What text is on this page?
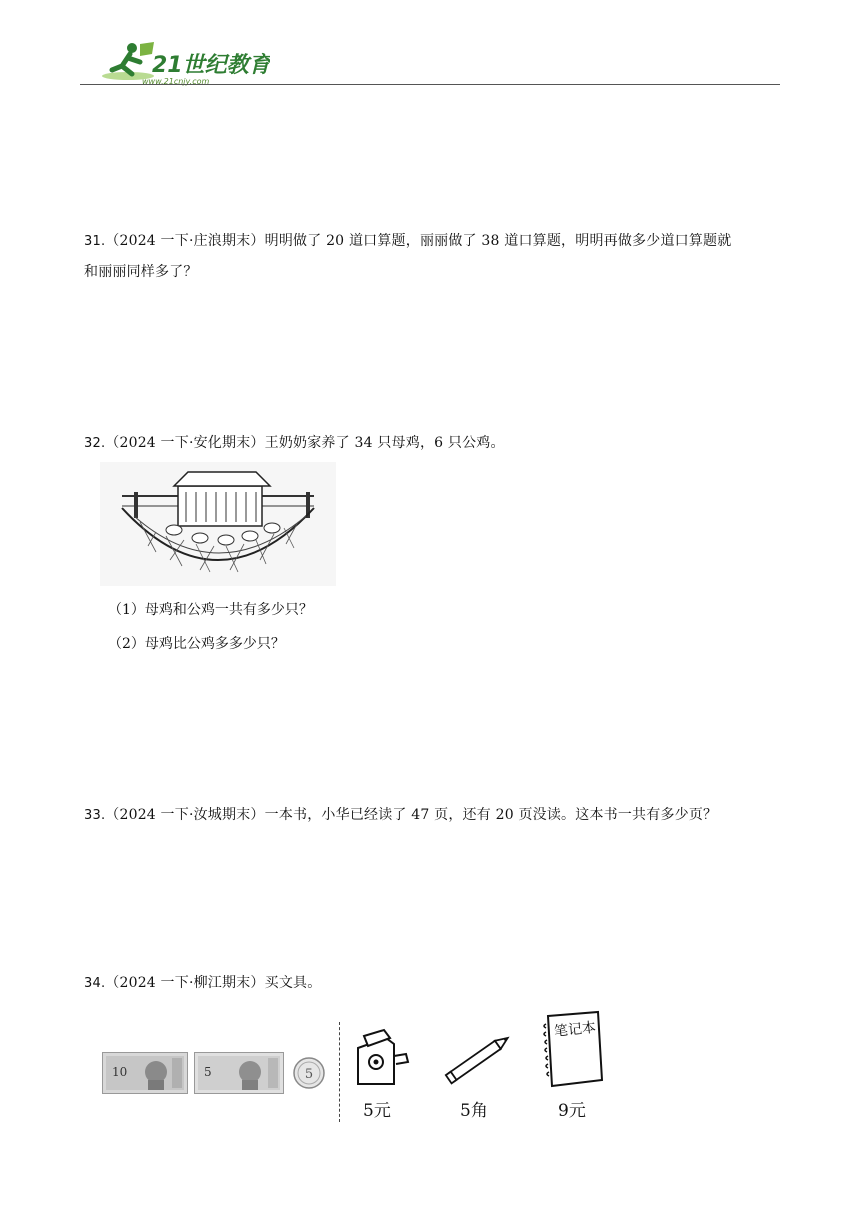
21世纪教育
www.21cnjy.com
31.（2024 一下·庄浪期末）明明做了 20 道口算题，丽丽做了 38 道口算题，明明再做多少道口算题就
和丽丽同样多了？
32.（2024 一下·安化期末）王奶奶家养了 34 只母鸡，6 只公鸡。
（1）母鸡和公鸡一共有多少只？
（2）母鸡比公鸡多多少只？
33.（2024 一下·汝城期末）一本书，小华已经读了 47 页，还有 20 页没读。这本书一共有多少页？
34.（2024 一下·柳江期末）买文具。
10	5	5
5元	5角
笔记本
9元
